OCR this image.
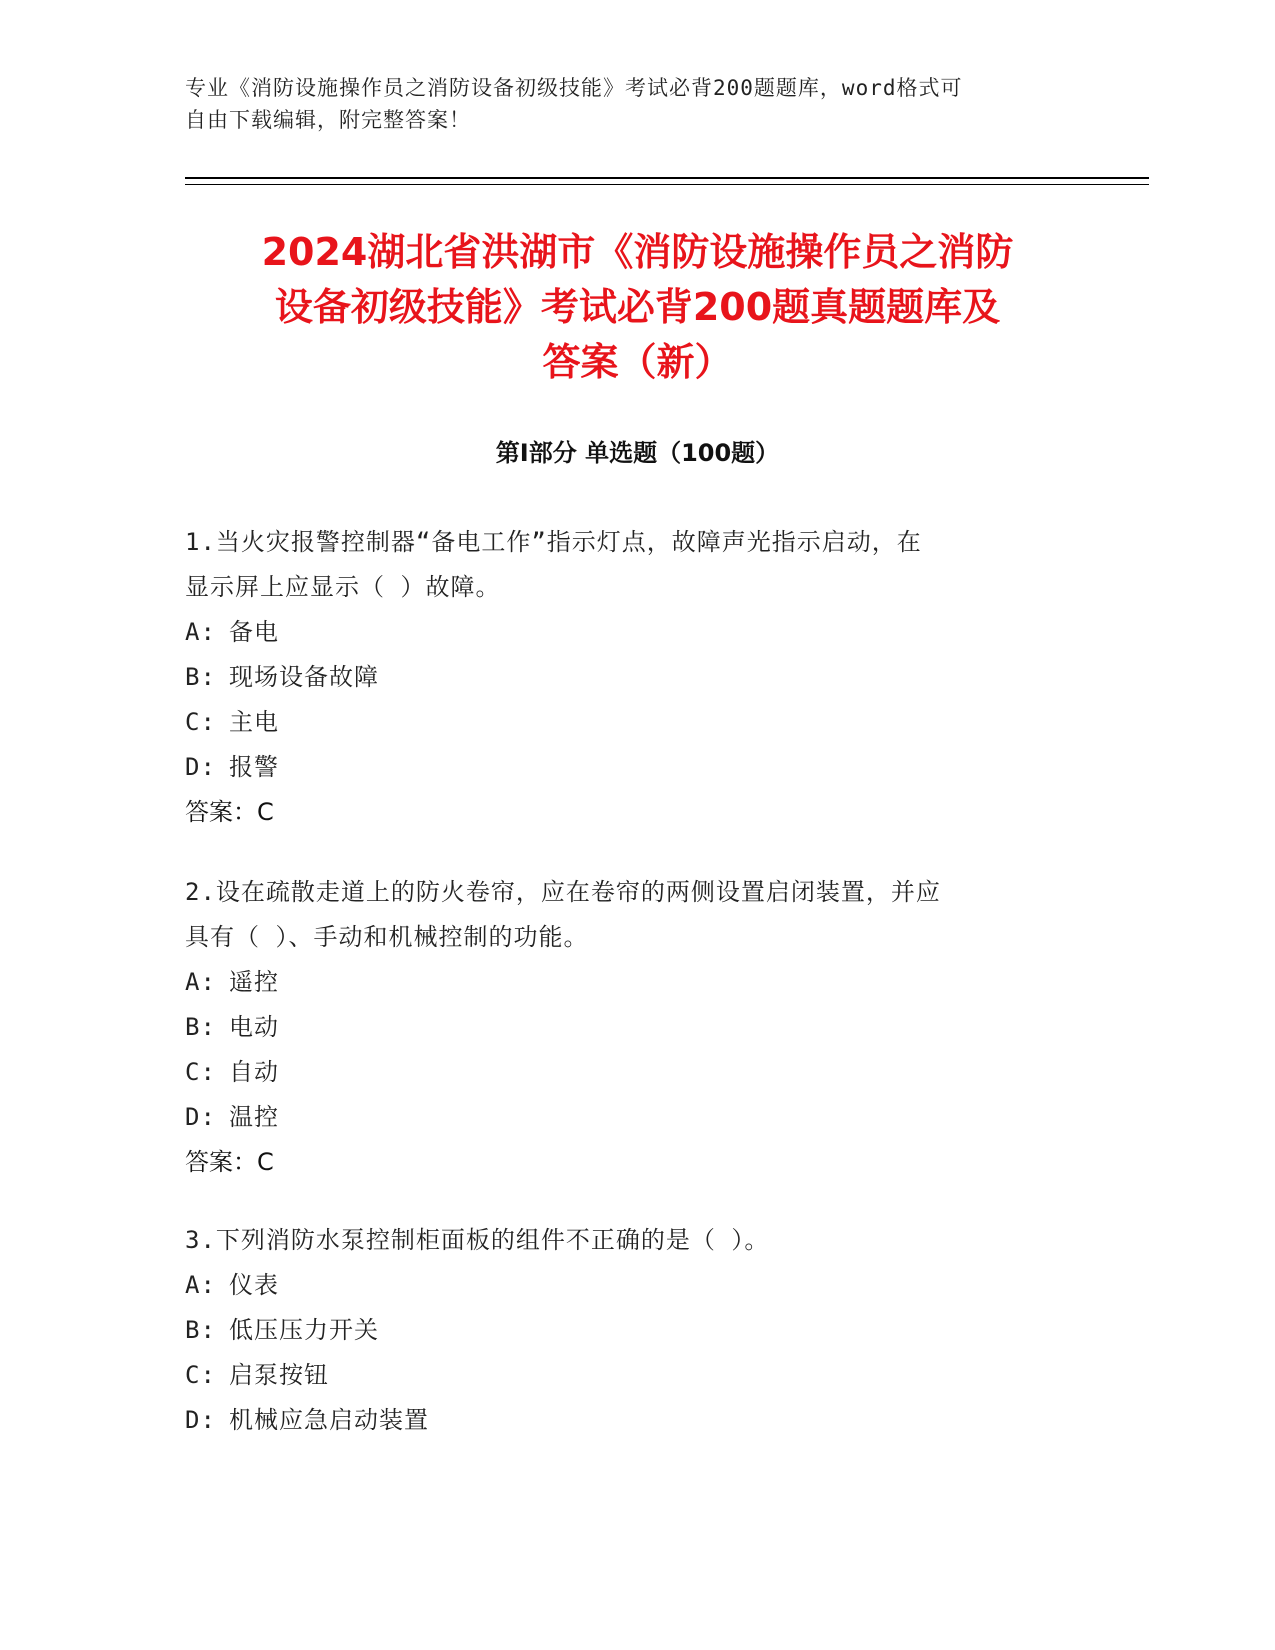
专业《消防设施操作员之消防设备初级技能》考试必背200题题库，word格式可
自由下载编辑，附完整答案！
2024湖北省洪湖市《消防设施操作员之消防
设备初级技能》考试必背200题真题题库及
答案（新）
第I部分 单选题（100题）
1.当火灾报警控制器“备电工作”指示灯点，故障声光指示启动，在
显示屏上应显示（ ）故障。
A: 备电
B: 现场设备故障
C: 主电
D: 报警
答案：C
2.设在疏散走道上的防火卷帘，应在卷帘的两侧设置启闭装置，并应
具有（ ）、手动和机械控制的功能。
A: 遥控
B: 电动
C: 自动
D: 温控
答案：C
3.下列消防水泵控制柜面板的组件不正确的是（ ）。
A: 仪表
B: 低压压力开关
C: 启泵按钮
D: 机械应急启动装置
